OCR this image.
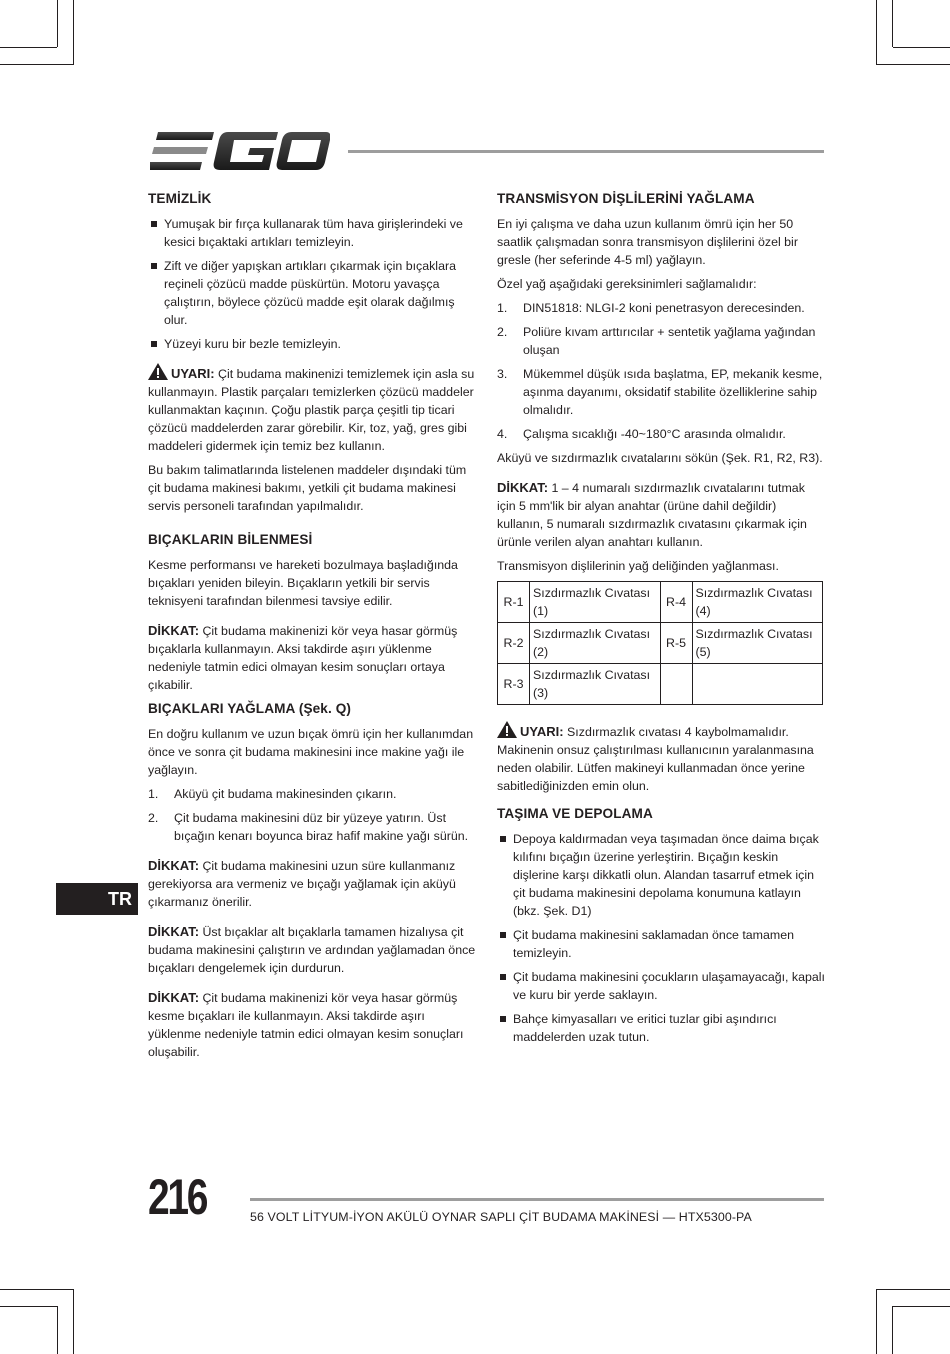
TEMİZLİK
Yumuşak bir fırça kullanarak tüm hava girişlerindeki ve kesici bıçaktaki artıkları temizleyin.
Zift ve diğer yapışkan artıkları çıkarmak için bıçaklara reçineli çözücü madde püskürtün. Motoru yavaşça çalıştırın, böylece çözücü madde eşit olarak dağılmış olur.
Yüzeyi kuru bir bezle temizleyin.

UYARI: Çit budama makinenizi temizlemek için asla su kullanmayın. Plastik parçaları temizlerken çözücü maddeler kullanmaktan kaçının. Çoğu plastik parça çeşitli tip ticari çözücü maddelerden zarar görebilir. Kir, toz, yağ, gres gibi maddeleri gidermek için temiz bez kullanın.

Bu bakım talimatlarında listelenen maddeler dışındaki tüm çit budama makinesi bakımı, yetkili çit budama makinesi servis personeli tarafından yapılmalıdır.

BIÇAKLARIN BİLENMESİ

Kesme performansı ve hareketi bozulmaya başladığında bıçakları yeniden bileyin. Bıçakların yetkili bir servis teknisyeni tarafından bilenmesi tavsiye edilir.

DİKKAT: Çit budama makinenizi kör veya hasar görmüş bıçaklarla kullanmayın. Aksi takdirde aşırı yüklenme nedeniyle tatmin edici olmayan kesim sonuçları ortaya çıkabilir.

BIÇAKLARI YAĞLAMA (Şek. Q)

En doğru kullanım ve uzun bıçak ömrü için her kullanımdan önce ve sonra çit budama makinesini ince makine yağı ile yağlayın.

1. Aküyü çit budama makinesinden çıkarın.
2. Çit budama makinesini düz bir yüzeye yatırın. Üst bıçağın kenarı boyunca biraz hafif makine yağı sürün.

DİKKAT: Çit budama makinesini uzun süre kullanmanız gerekiyorsa ara vermeniz ve bıçağı yağlamak için aküyü çıkarmanız önerilir.

DİKKAT: Üst bıçaklar alt bıçaklarla tamamen hizalıysa çit budama makinesini çalıştırın ve ardından yağlamadan önce bıçakları dengelemek için durdurun.

DİKKAT: Çit budama makinenizi kör veya hasar görmüş kesme bıçakları ile kullanmayın. Aksi takdirde aşırı yüklenme nedeniyle tatmin edici olmayan kesim sonuçları oluşabilir.

TRANSMİSYON DİŞLİLERİNİ YAĞLAMA

En iyi çalışma ve daha uzun kullanım ömrü için her 50 saatlik çalışmadan sonra transmisyon dişlilerini özel bir gresle (her seferinde 4-5 ml) yağlayın.

Özel yağ aşağıdaki gereksinimleri sağlamalıdır:

1. DIN51818: NLGI-2 koni penetrasyon derecesinden.
2. Poliüre kıvam arttırıcılar + sentetik yağlama yağından oluşan
3. Mükemmel düşük ısıda başlatma, EP, mekanik kesme, aşınma dayanımı, oksidatif stabilite özelliklerine sahip olmalıdır.
4. Çalışma sıcaklığı -40~180°C arasında olmalıdır.

Aküyü ve sızdırmazlık cıvatalarını sökün (Şek. R1, R2, R3).

DİKKAT: 1 – 4 numaralı sızdırmazlık cıvatalarını tutmak için 5 mm'lik bir alyan anahtar (ürüne dahil değildir) kullanın, 5 numaralı sızdırmazlık cıvatasını çıkarmak için ürünle verilen alyan anahtarı kullanın.

Transmisyon dişlilerinin yağ deliğinden yağlanması.

R-1	Sızdırmazlık Cıvatası (1)	R-4	Sızdırmazlık Cıvatası (4)
R-2	Sızdırmazlık Cıvatası (2)	R-5	Sızdırmazlık Cıvatası (5)
R-3	Sızdırmazlık Cıvatası (3)		

UYARI: Sızdırmazlık cıvatası 4 kaybolmamalıdır. Makinenin onsuz çalıştırılması kullanıcının yaralanmasına neden olabilir. Lütfen makineyi kullanmadan önce yerine sabitlediğinizden emin olun.

TAŞIMA VE DEPOLAMA
Depoya kaldırmadan veya taşımadan önce daima bıçak kılıfını bıçağın üzerine yerleştirin. Bıçağın keskin dişlerine karşı dikkatli olun. Alandan tasarruf etmek için çit budama makinesini depolama konumuna katlayın (bkz. Şek. D1)
Çit budama makinesini saklamadan önce tamamen temizleyin.
Çit budama makinesini çocukların ulaşamayacağı, kapalı ve kuru bir yerde saklayın.
Bahçe kimyasalları ve eritici tuzlar gibi aşındırıcı maddelerden uzak tutun.
TR
216	56 VOLT LİTYUM-İYON AKÜLÜ OYNAR SAPLI ÇİT BUDAMA MAKİNESİ — HTX5300-PA
